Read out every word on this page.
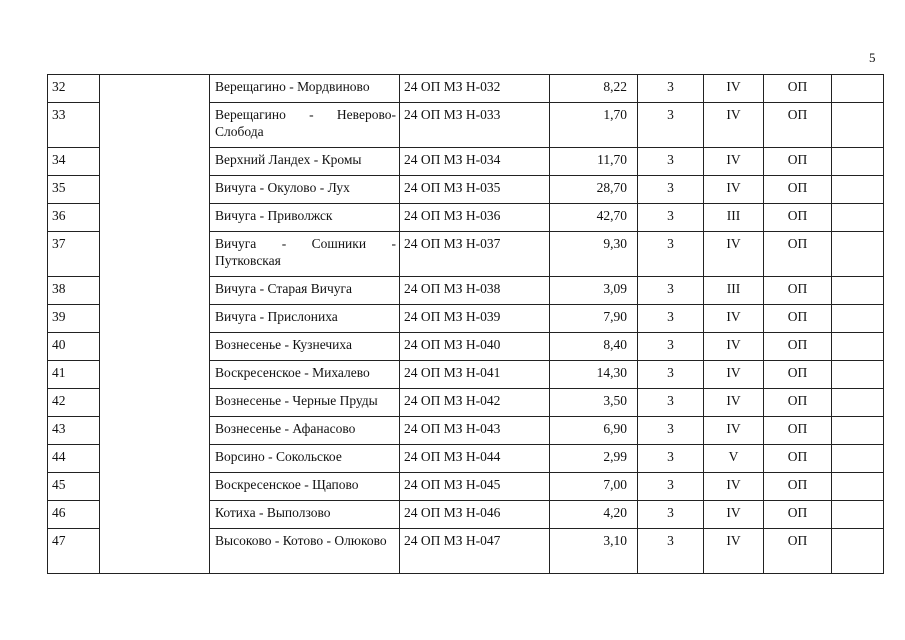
5
32		Верещагино - Мордвиново	24 ОП МЗ Н-032	8,22	3	IV	ОП	
33		Верещагино - Неверово-Слобода	24 ОП МЗ Н-033	1,70	3	IV	ОП	
34		Верхний Ландех - Кромы	24 ОП МЗ Н-034	11,70	3	IV	ОП	
35		Вичуга - Окулово - Лух	24 ОП МЗ Н-035	28,70	3	IV	ОП	
36		Вичуга - Приволжск	24 ОП МЗ Н-036	42,70	3	III	ОП	
37		Вичуга - Сошники - Путковская	24 ОП МЗ Н-037	9,30	3	IV	ОП	
38		Вичуга - Старая Вичуга	24 ОП МЗ Н-038	3,09	3	III	ОП	
39		Вичуга - Прислониха	24 ОП МЗ Н-039	7,90	3	IV	ОП	
40		Вознесенье - Кузнечиха	24 ОП МЗ Н-040	8,40	3	IV	ОП	
41		Воскресенское - Михалево	24 ОП МЗ Н-041	14,30	3	IV	ОП	
42		Вознесенье - Черные Пруды	24 ОП МЗ Н-042	3,50	3	IV	ОП	
43		Вознесенье - Афанасово	24 ОП МЗ Н-043	6,90	3	IV	ОП	
44		Ворсино - Сокольское	24 ОП МЗ Н-044	2,99	3	V	ОП	
45		Воскресенское - Щапово	24 ОП МЗ Н-045	7,00	3	IV	ОП	
46		Котиха - Выползово	24 ОП МЗ Н-046	4,20	3	IV	ОП	
47		Высоково - Котово - Олюково	24 ОП МЗ Н-047	3,10	3	IV	ОП	
